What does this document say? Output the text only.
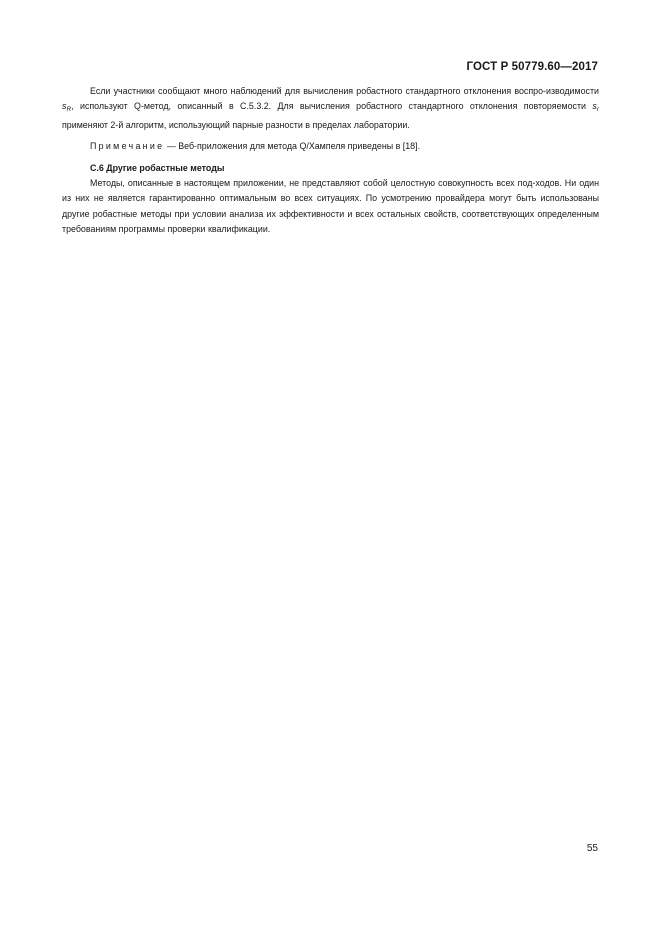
ГОСТ Р 50779.60—2017

Если участники сообщают много наблюдений для вычисления робастного стандартного отклонения воспро-изводимости $s_R$, используют Q-метод, описанный в С.5.3.2. Для вычисления робастного стандартного отклонения повторяемости $s_r$ применяют 2-й алгоритм, использующий парные разности в пределах лаборатории.

Примечание — Веб-приложения для метода Q/Хампеля приведены в [18].

С.6 Другие робастные методы

Методы, описанные в настоящем приложении, не представляют собой целостную совокупность всех под-ходов. Ни один из них не является гарантированно оптимальным во всех ситуациях. По усмотрению провайдера могут быть использованы другие робастные методы при условии анализа их эффективности и всех остальных свойств, соответствующих определенным требованиям программы проверки квалификации.

55
